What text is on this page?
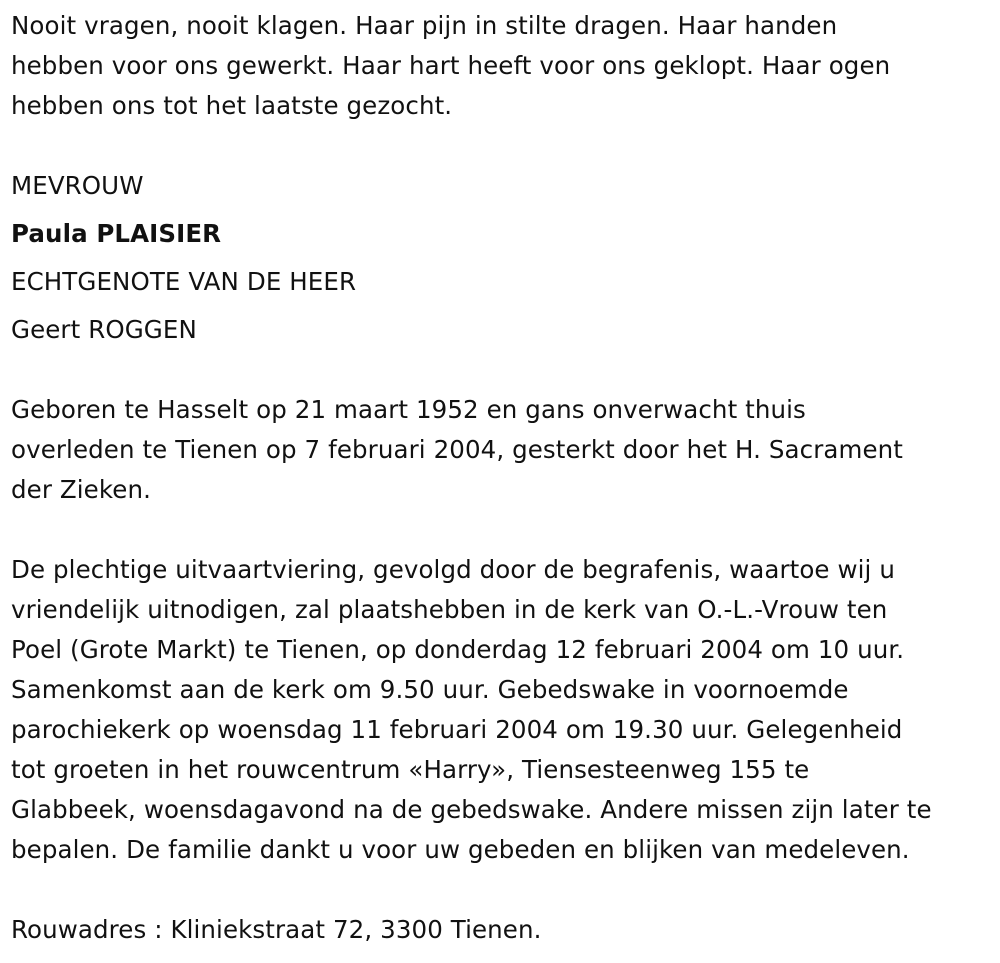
Nooit vragen, nooit klagen. Haar pijn in stilte dragen. Haar handen
hebben voor ons gewerkt. Haar hart heeft voor ons geklopt. Haar ogen
hebben ons tot het laatste gezocht.

MEVROUW

Paula PLAISIER

ECHTGENOTE VAN DE HEER

Geert ROGGEN

Geboren te Hasselt op 21 maart 1952 en gans onverwacht thuis
overleden te Tienen op 7 februari 2004, gesterkt door het H. Sacrament
der Zieken.

De plechtige uitvaartviering, gevolgd door de begrafenis, waartoe wij u
vriendelijk uitnodigen, zal plaatshebben in de kerk van O.-L.-Vrouw ten
Poel (Grote Markt) te Tienen, op donderdag 12 februari 2004 om 10 uur.
Samenkomst aan de kerk om 9.50 uur. Gebedswake in voornoemde
parochiekerk op woensdag 11 februari 2004 om 19.30 uur. Gelegenheid
tot groeten in het rouwcentrum «Harry», Tiensesteenweg 155 te
Glabbeek, woensdagavond na de gebedswake. Andere missen zijn later te
bepalen. De familie dankt u voor uw gebeden en blijken van medeleven.

Rouwadres : Kliniekstraat 72, 3300 Tienen.
